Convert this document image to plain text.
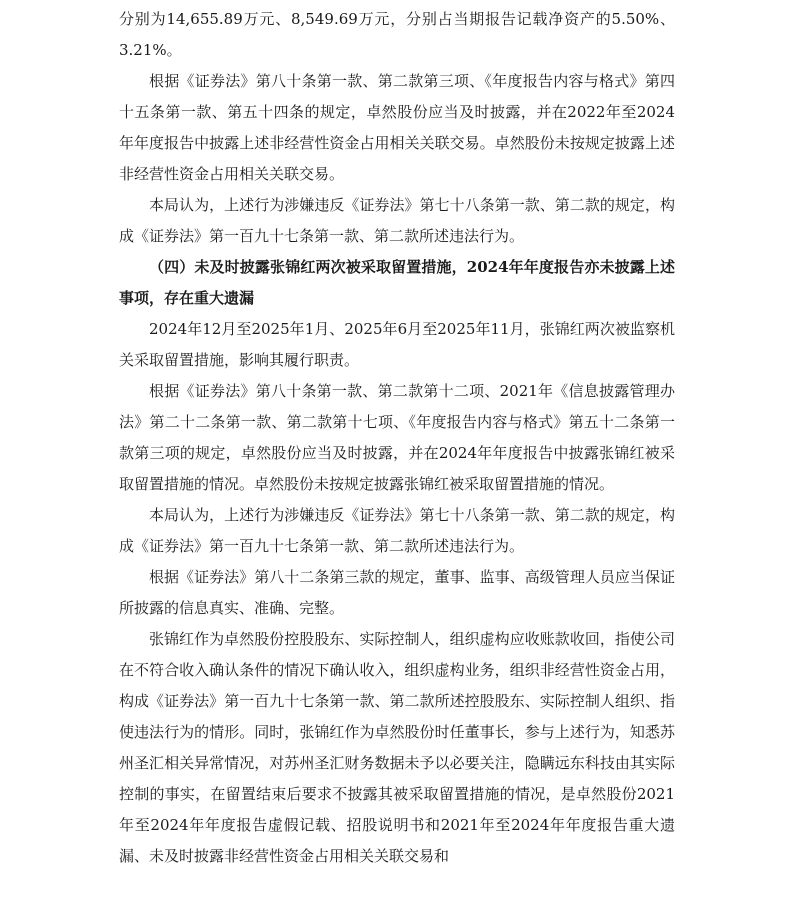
分别为14,655.89万元、8,549.69万元，分别占当期报告记载净资产的5.50%、3.21%。

根据《证券法》第八十条第一款、第二款第三项、《年度报告内容与格式》第四十五条第一款、第五十四条的规定，卓然股份应当及时披露，并在2022年至2024年年度报告中披露上述非经营性资金占用相关关联交易。卓然股份未按规定披露上述非经营性资金占用相关关联交易。

本局认为，上述行为涉嫌违反《证券法》第七十八条第一款、第二款的规定，构成《证券法》第一百九十七条第一款、第二款所述违法行为。

（四）未及时披露张锦红两次被采取留置措施，2024年年度报告亦未披露上述事项，存在重大遗漏

2024年12月至2025年1月、2025年6月至2025年11月，张锦红两次被监察机关采取留置措施，影响其履行职责。

根据《证券法》第八十条第一款、第二款第十二项、2021年《信息披露管理办法》第二十二条第一款、第二款第十七项、《年度报告内容与格式》第五十二条第一款第三项的规定，卓然股份应当及时披露，并在2024年年度报告中披露张锦红被采取留置措施的情况。卓然股份未按规定披露张锦红被采取留置措施的情况。

本局认为，上述行为涉嫌违反《证券法》第七十八条第一款、第二款的规定，构成《证券法》第一百九十七条第一款、第二款所述违法行为。

根据《证券法》第八十二条第三款的规定，董事、监事、高级管理人员应当保证所披露的信息真实、准确、完整。

张锦红作为卓然股份控股股东、实际控制人，组织虚构应收账款收回，指使公司在不符合收入确认条件的情况下确认收入，组织虚构业务，组织非经营性资金占用，构成《证券法》第一百九十七条第一款、第二款所述控股股东、实际控制人组织、指使违法行为的情形。同时，张锦红作为卓然股份时任董事长，参与上述行为，知悉苏州圣汇相关异常情况，对苏州圣汇财务数据未予以必要关注，隐瞒远东科技由其实际控制的事实，在留置结束后要求不披露其被采取留置措施的情况，是卓然股份2021年至2024年年度报告虚假记载、招股说明书和2021年至2024年年度报告重大遗漏、未及时披露非经营性资金占用相关关联交易和
